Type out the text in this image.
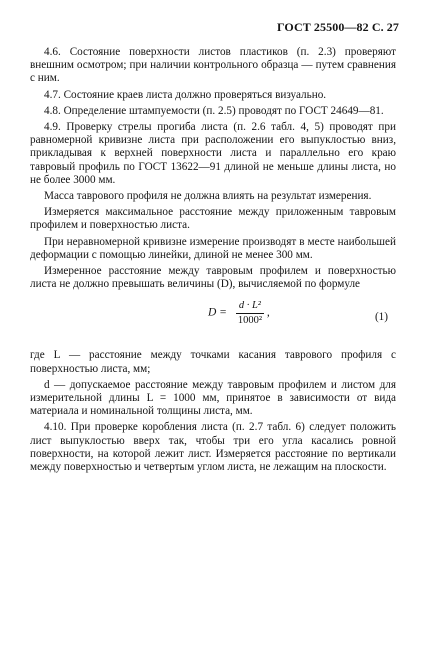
ГОСТ 25500—82 С. 27

4.6. Состояние поверхности листов пластиков (п. 2.3) проверяют внешним осмотром; при наличии контрольного образца — путем сравнения с ним.

4.7. Состояние краев листа должно проверяться визуально.

4.8. Определение штампуемости (п. 2.5) проводят по ГОСТ 24649—81.

4.9. Проверку стрелы прогиба листа (п. 2.6 табл. 4, 5) проводят при равномерной кривизне листа при расположении его выпуклостью вниз, прикладывая к верхней поверхности листа и параллельно его краю тавровый профиль по ГОСТ 13622—91 длиной не меньше длины листа, но не более 3000 мм.

Масса таврового профиля не должна влиять на результат измерения.

Измеряется максимальное расстояние между приложенным тавровым профилем и поверхностью листа.

При неравномерной кривизне измерение производят в месте наибольшей деформации с помощью линейки, длиной не менее 300 мм.

Измеренное расстояние между тавровым профилем и поверхностью листа не должно превышать величины (D), вычисляемой по формуле

$D = \frac{\text{d · L²}}{\text{1000²}}$ ,	(1)

где L — расстояние между точками касания таврового профиля с поверхностью листа, мм;

d — допускаемое расстояние между тавровым профилем и листом для измерительной длины L = 1000 мм, принятое в зависимости от вида материала и номинальной толщины листа, мм.

4.10. При проверке коробления листа (п. 2.7 табл. 6) следует положить лист выпуклостью вверх так, чтобы три его угла касались ровной поверхности, на которой лежит лист. Измеряется расстояние по вертикали между поверхностью и четвертым углом листа, не лежащим на плоскости.
